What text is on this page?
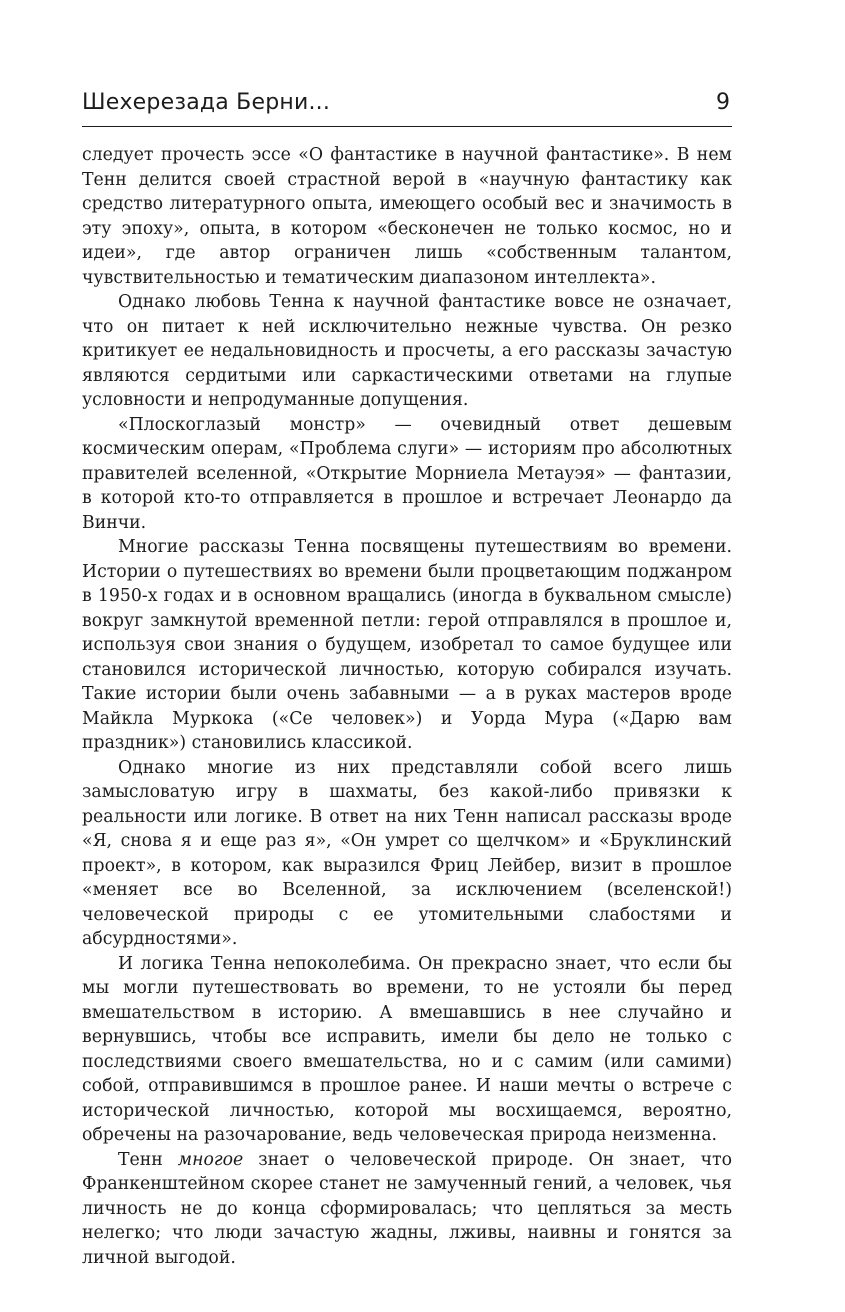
Шехерезада Берни...	9

следует прочесть эссе «О фантастике в научной фантастике». В нем Тенн делится своей страстной верой в «научную фантастику как средство литературного опыта, имеющего особый вес и значимость в эту эпоху», опыта, в котором «бесконечен не только космос, но и идеи», где автор ограничен лишь «собственным талантом, чувствительностью и тематическим диапазоном интеллекта».

Однако любовь Тенна к научной фантастике вовсе не означает, что он питает к ней исключительно нежные чувства. Он резко критикует ее недальновидность и просчеты, а его рассказы зачастую являются сердитыми или саркастическими ответами на глупые условности и непродуманные допущения.

«Плоскоглазый монстр» — очевидный ответ дешевым космическим операм, «Проблема слуги» — историям про абсолютных правителей вселенной, «Открытие Морниела Метауэя» — фантазии, в которой кто-то отправляется в прошлое и встречает Леонардо да Винчи.

Многие рассказы Тенна посвящены путешествиям во времени. Истории о путешествиях во времени были процветающим поджанром в 1950-х годах и в основном вращались (иногда в буквальном смысле) вокруг замкнутой временной петли: герой отправлялся в прошлое и, используя свои знания о будущем, изобретал то самое будущее или становился исторической личностью, которую собирался изучать. Такие истории были очень забавными — а в руках мастеров вроде Майкла Муркока («Се человек») и Уорда Мура («Дарю вам праздник») становились классикой.

Однако многие из них представляли собой всего лишь замысловатую игру в шахматы, без какой-либо привязки к реальности или логике. В ответ на них Тенн написал рассказы вроде «Я, снова я и еще раз я», «Он умрет со щелчком» и «Бруклинский проект», в котором, как выразился Фриц Лейбер, визит в прошлое «меняет все во Вселенной, за исключением (вселенской!) человеческой природы с ее утомительными слабостями и абсурдностями».

И логика Тенна непоколебима. Он прекрасно знает, что если бы мы могли путешествовать во времени, то не устояли бы перед вмешательством в историю. А вмешавшись в нее случайно и вернувшись, чтобы все исправить, имели бы дело не только с последствиями своего вмешательства, но и с самим (или самими) собой, отправившимся в прошлое ранее. И наши мечты о встрече с исторической личностью, которой мы восхищаемся, вероятно, обречены на разочарование, ведь человеческая природа неизменна.

Тенн многое знает о человеческой природе. Он знает, что Франкенштейном скорее станет не замученный гений, а человек, чья личность не до конца сформировалась; что цепляться за месть нелегко; что люди зачастую жадны, лживы, наивны и гонятся за личной выгодой.
